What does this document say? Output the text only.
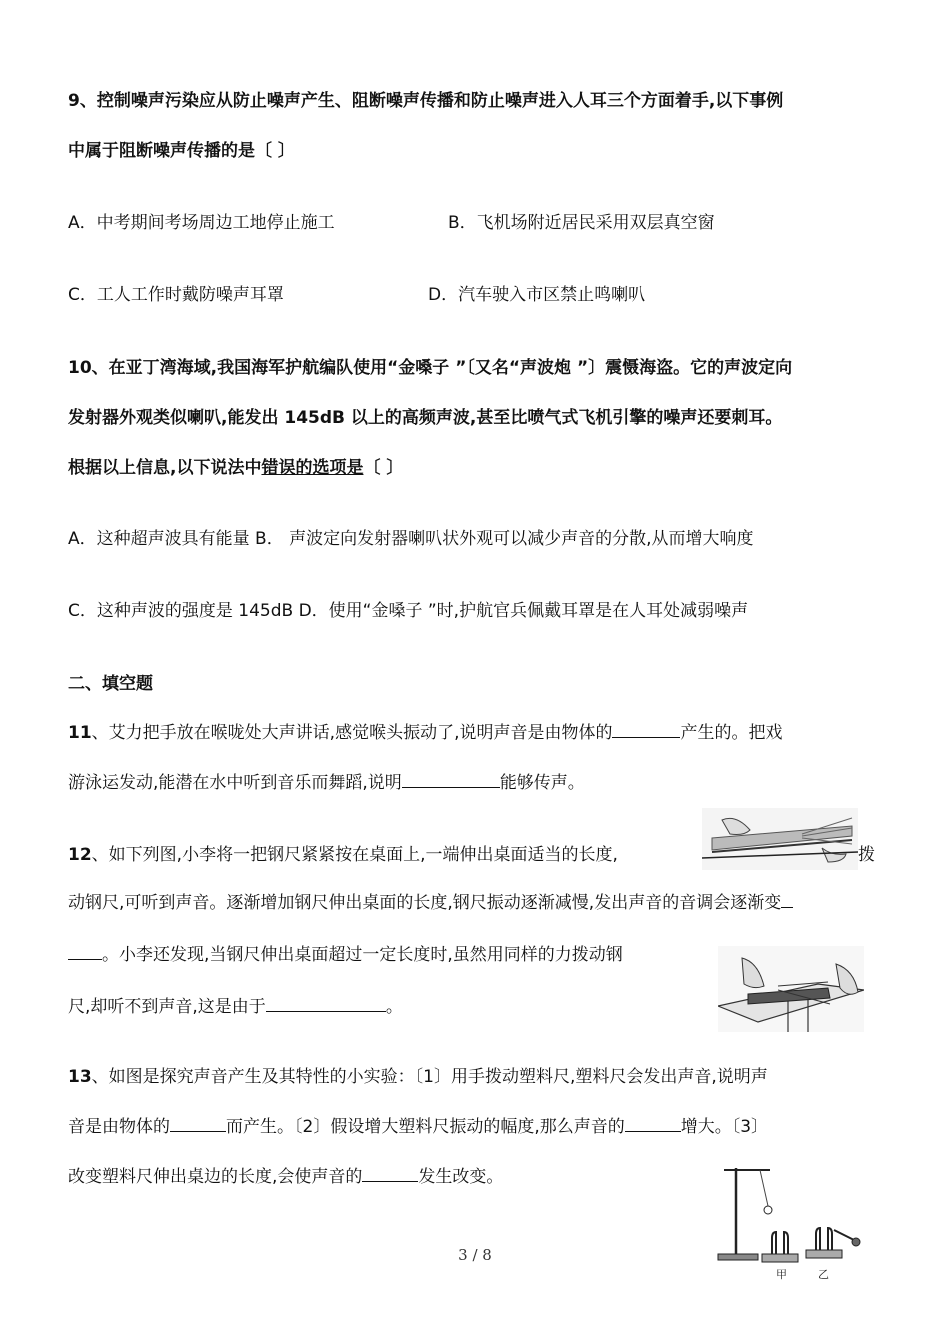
9、控制噪声污染应从防止噪声产生、阻断噪声传播和防止噪声进入人耳三个方面着手,以下事例
中属于阻断噪声传播的是〔 〕
A．中考期间考场周边工地停止施工	B．飞机场附近居民采用双层真空窗
C．工人工作时戴防噪声耳罩	D．汽车驶入市区禁止鸣喇叭
10、在亚丁湾海域,我国海军护航编队使用“金嗓子 ”〔又名“声波炮 ”〕震慑海盗。它的声波定向
发射器外观类似喇叭,能发出 145dB 以上的高频声波,甚至比喷气式飞机引擎的噪声还要刺耳。
根据以上信息,以下说法中错误的选项是〔 〕
A．这种超声波具有能量 B． 声波定向发射器喇叭状外观可以减少声音的分散,从而增大响度
C．这种声波的强度是 145dB D．使用“金嗓子 ”时,护航官兵佩戴耳罩是在人耳处减弱噪声
二、填空题
11、艾力把手放在喉咙处大声讲话,感觉喉头振动了,说明声音是由物体的	产生的。把戏
游泳运发动,能潜在水中听到音乐而舞蹈,说明	能够传声。
12、如下列图,小李将一把钢尺紧紧按在桌面上,一端伸出桌面适当的长度,	拨
动钢尺,可听到声音。逐渐增加钢尺伸出桌面的长度,钢尺振动逐渐减慢,发出声音的音调会逐渐变
。小李还发现,当钢尺伸出桌面超过一定长度时,虽然用同样的力拨动钢
尺,却听不到声音,这是由于	。
13、如图是探究声音产生及其特性的小实验：〔1〕用手拨动塑料尺,塑料尺会发出声音,说明声
音是由物体的	而产生。〔2〕假设增大塑料尺振动的幅度,那么声音的	增大。〔3〕
改变塑料尺伸出桌边的长度,会使声音的	发生改变。
甲	乙
3 / 8
